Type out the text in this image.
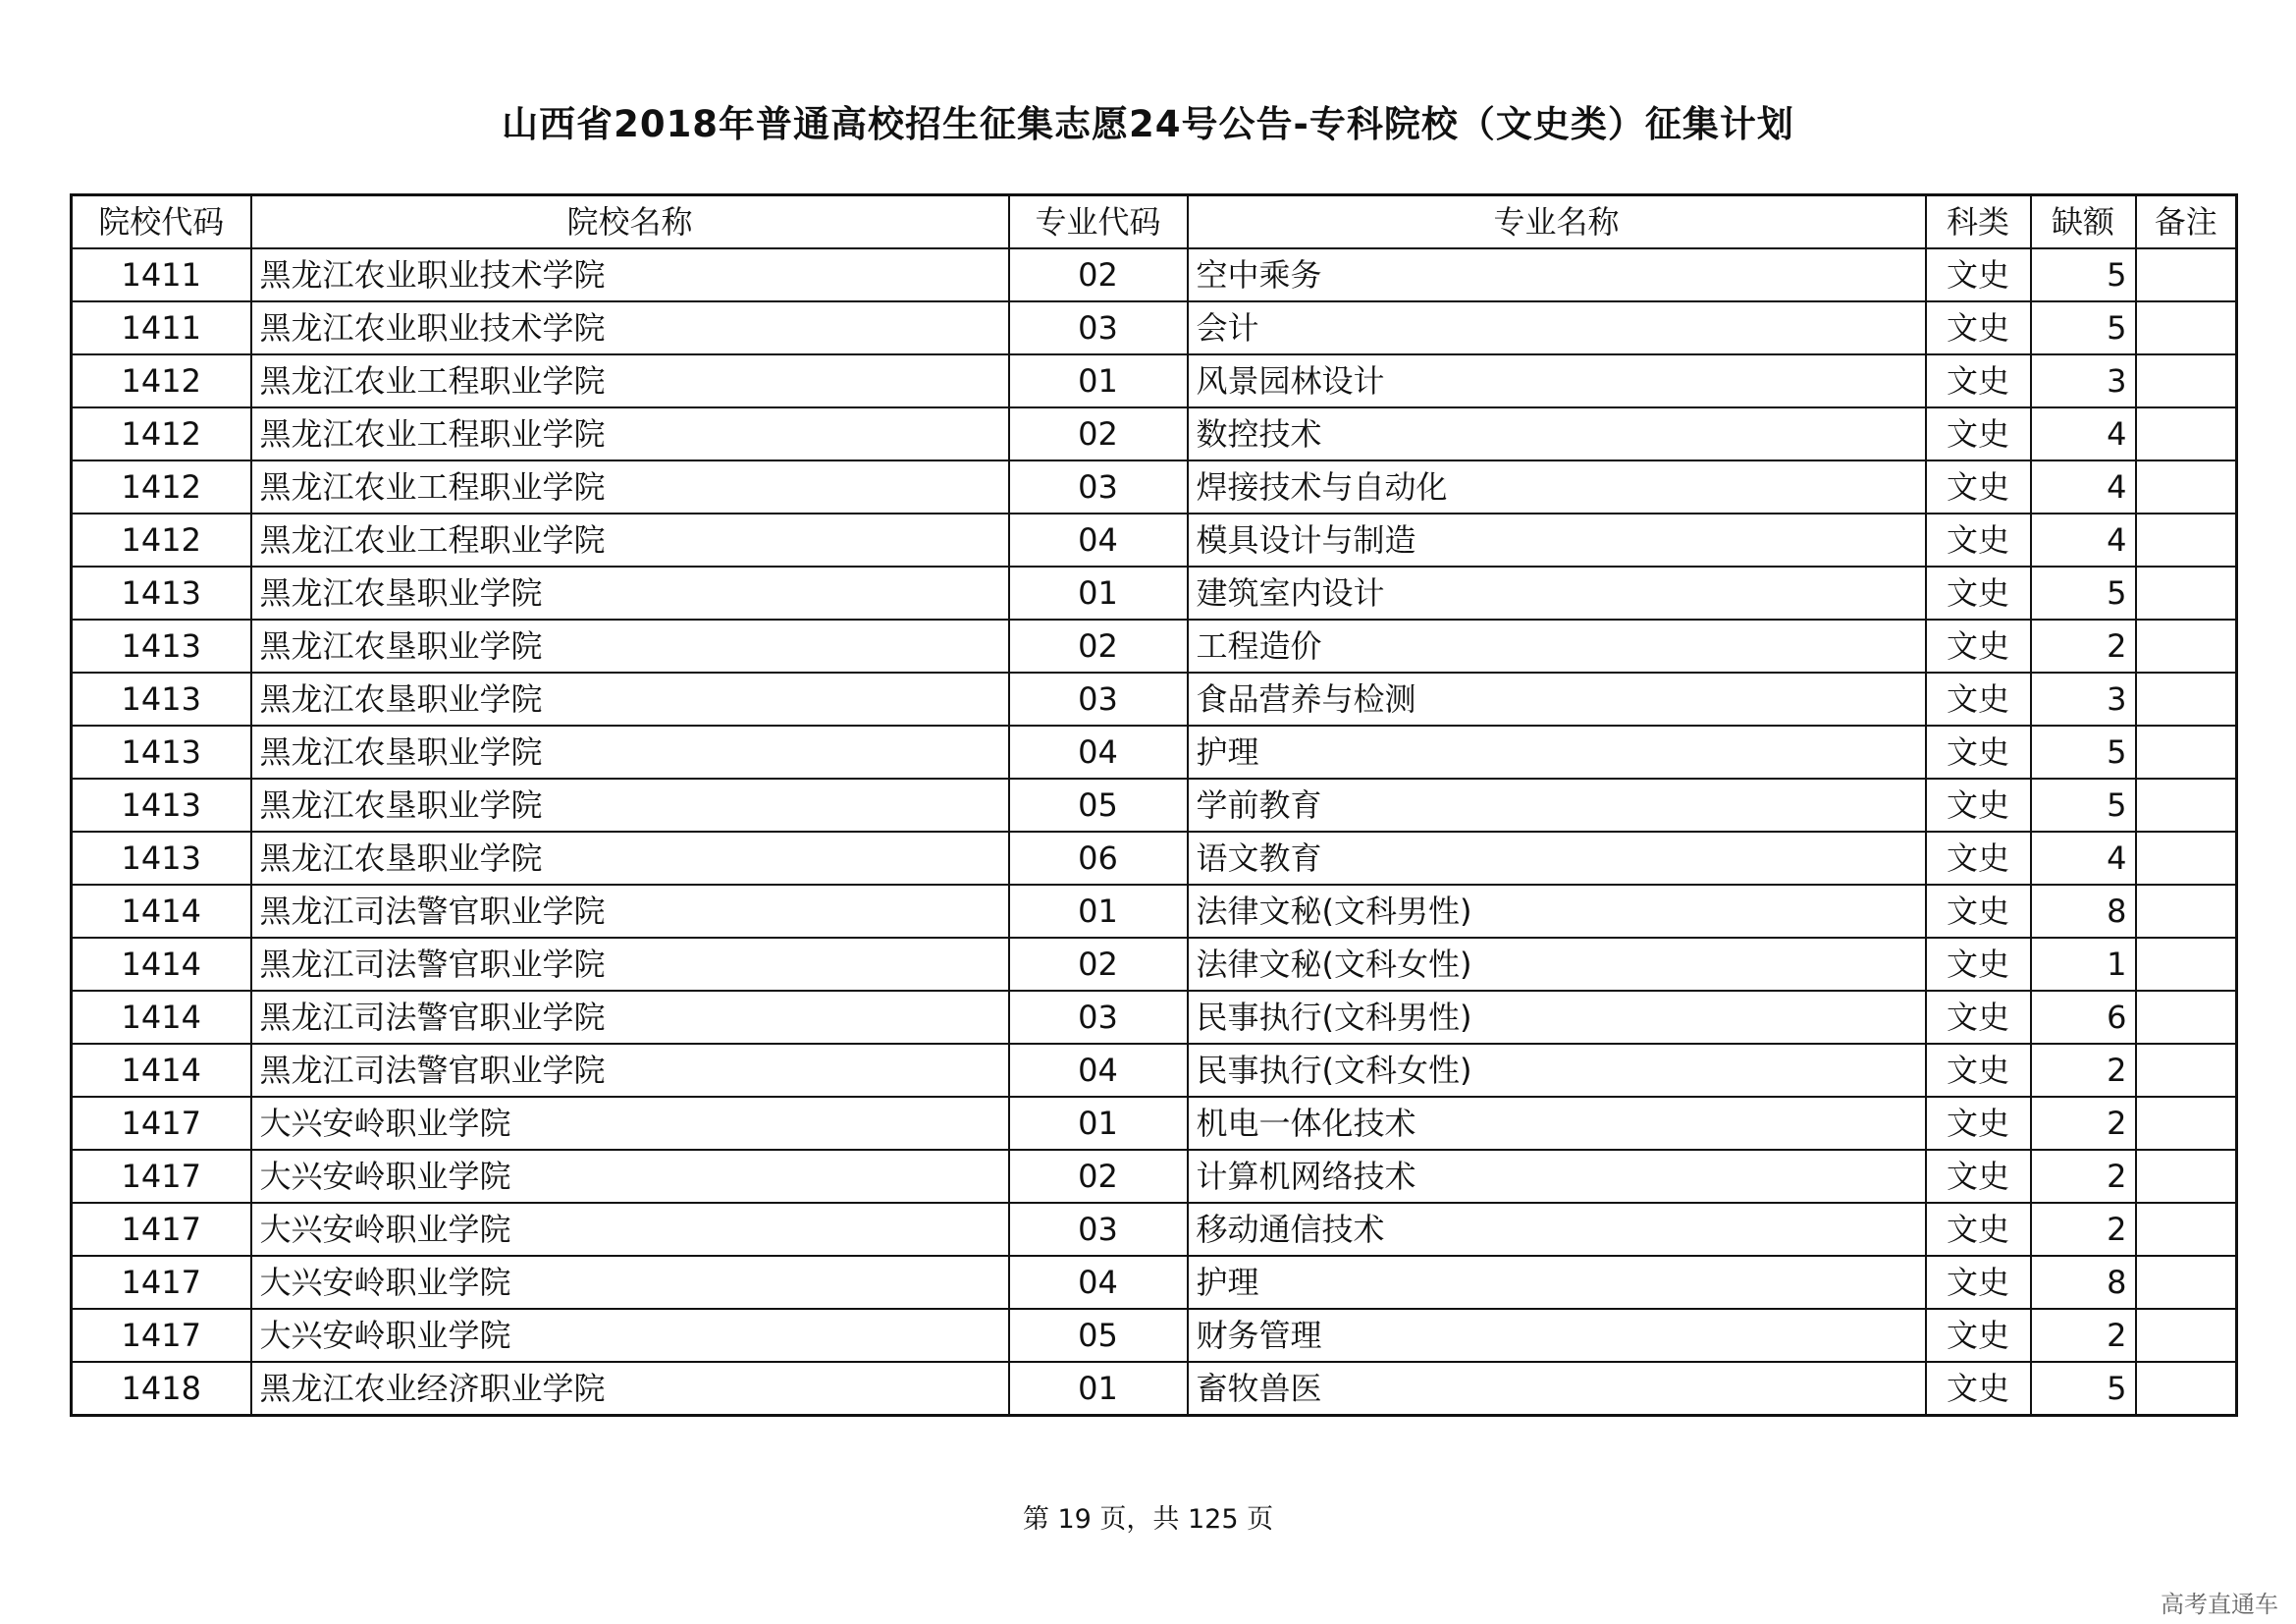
山西省2018年普通高校招生征集志愿24号公告-专科院校（文史类）征集计划
院校代码	院校名称	专业代码	专业名称	科类	缺额	备注
1411	黑龙江农业职业技术学院	02	空中乘务	文史	5	
1411	黑龙江农业职业技术学院	03	会计	文史	5	
1412	黑龙江农业工程职业学院	01	风景园林设计	文史	3	
1412	黑龙江农业工程职业学院	02	数控技术	文史	4	
1412	黑龙江农业工程职业学院	03	焊接技术与自动化	文史	4	
1412	黑龙江农业工程职业学院	04	模具设计与制造	文史	4	
1413	黑龙江农垦职业学院	01	建筑室内设计	文史	5	
1413	黑龙江农垦职业学院	02	工程造价	文史	2	
1413	黑龙江农垦职业学院	03	食品营养与检测	文史	3	
1413	黑龙江农垦职业学院	04	护理	文史	5	
1413	黑龙江农垦职业学院	05	学前教育	文史	5	
1413	黑龙江农垦职业学院	06	语文教育	文史	4	
1414	黑龙江司法警官职业学院	01	法律文秘(文科男性)	文史	8	
1414	黑龙江司法警官职业学院	02	法律文秘(文科女性)	文史	1	
1414	黑龙江司法警官职业学院	03	民事执行(文科男性)	文史	6	
1414	黑龙江司法警官职业学院	04	民事执行(文科女性)	文史	2	
1417	大兴安岭职业学院	01	机电一体化技术	文史	2	
1417	大兴安岭职业学院	02	计算机网络技术	文史	2	
1417	大兴安岭职业学院	03	移动通信技术	文史	2	
1417	大兴安岭职业学院	04	护理	文史	8	
1417	大兴安岭职业学院	05	财务管理	文史	2	
1418	黑龙江农业经济职业学院	01	畜牧兽医	文史	5	
第 19 页，共 125 页
高考直通车
